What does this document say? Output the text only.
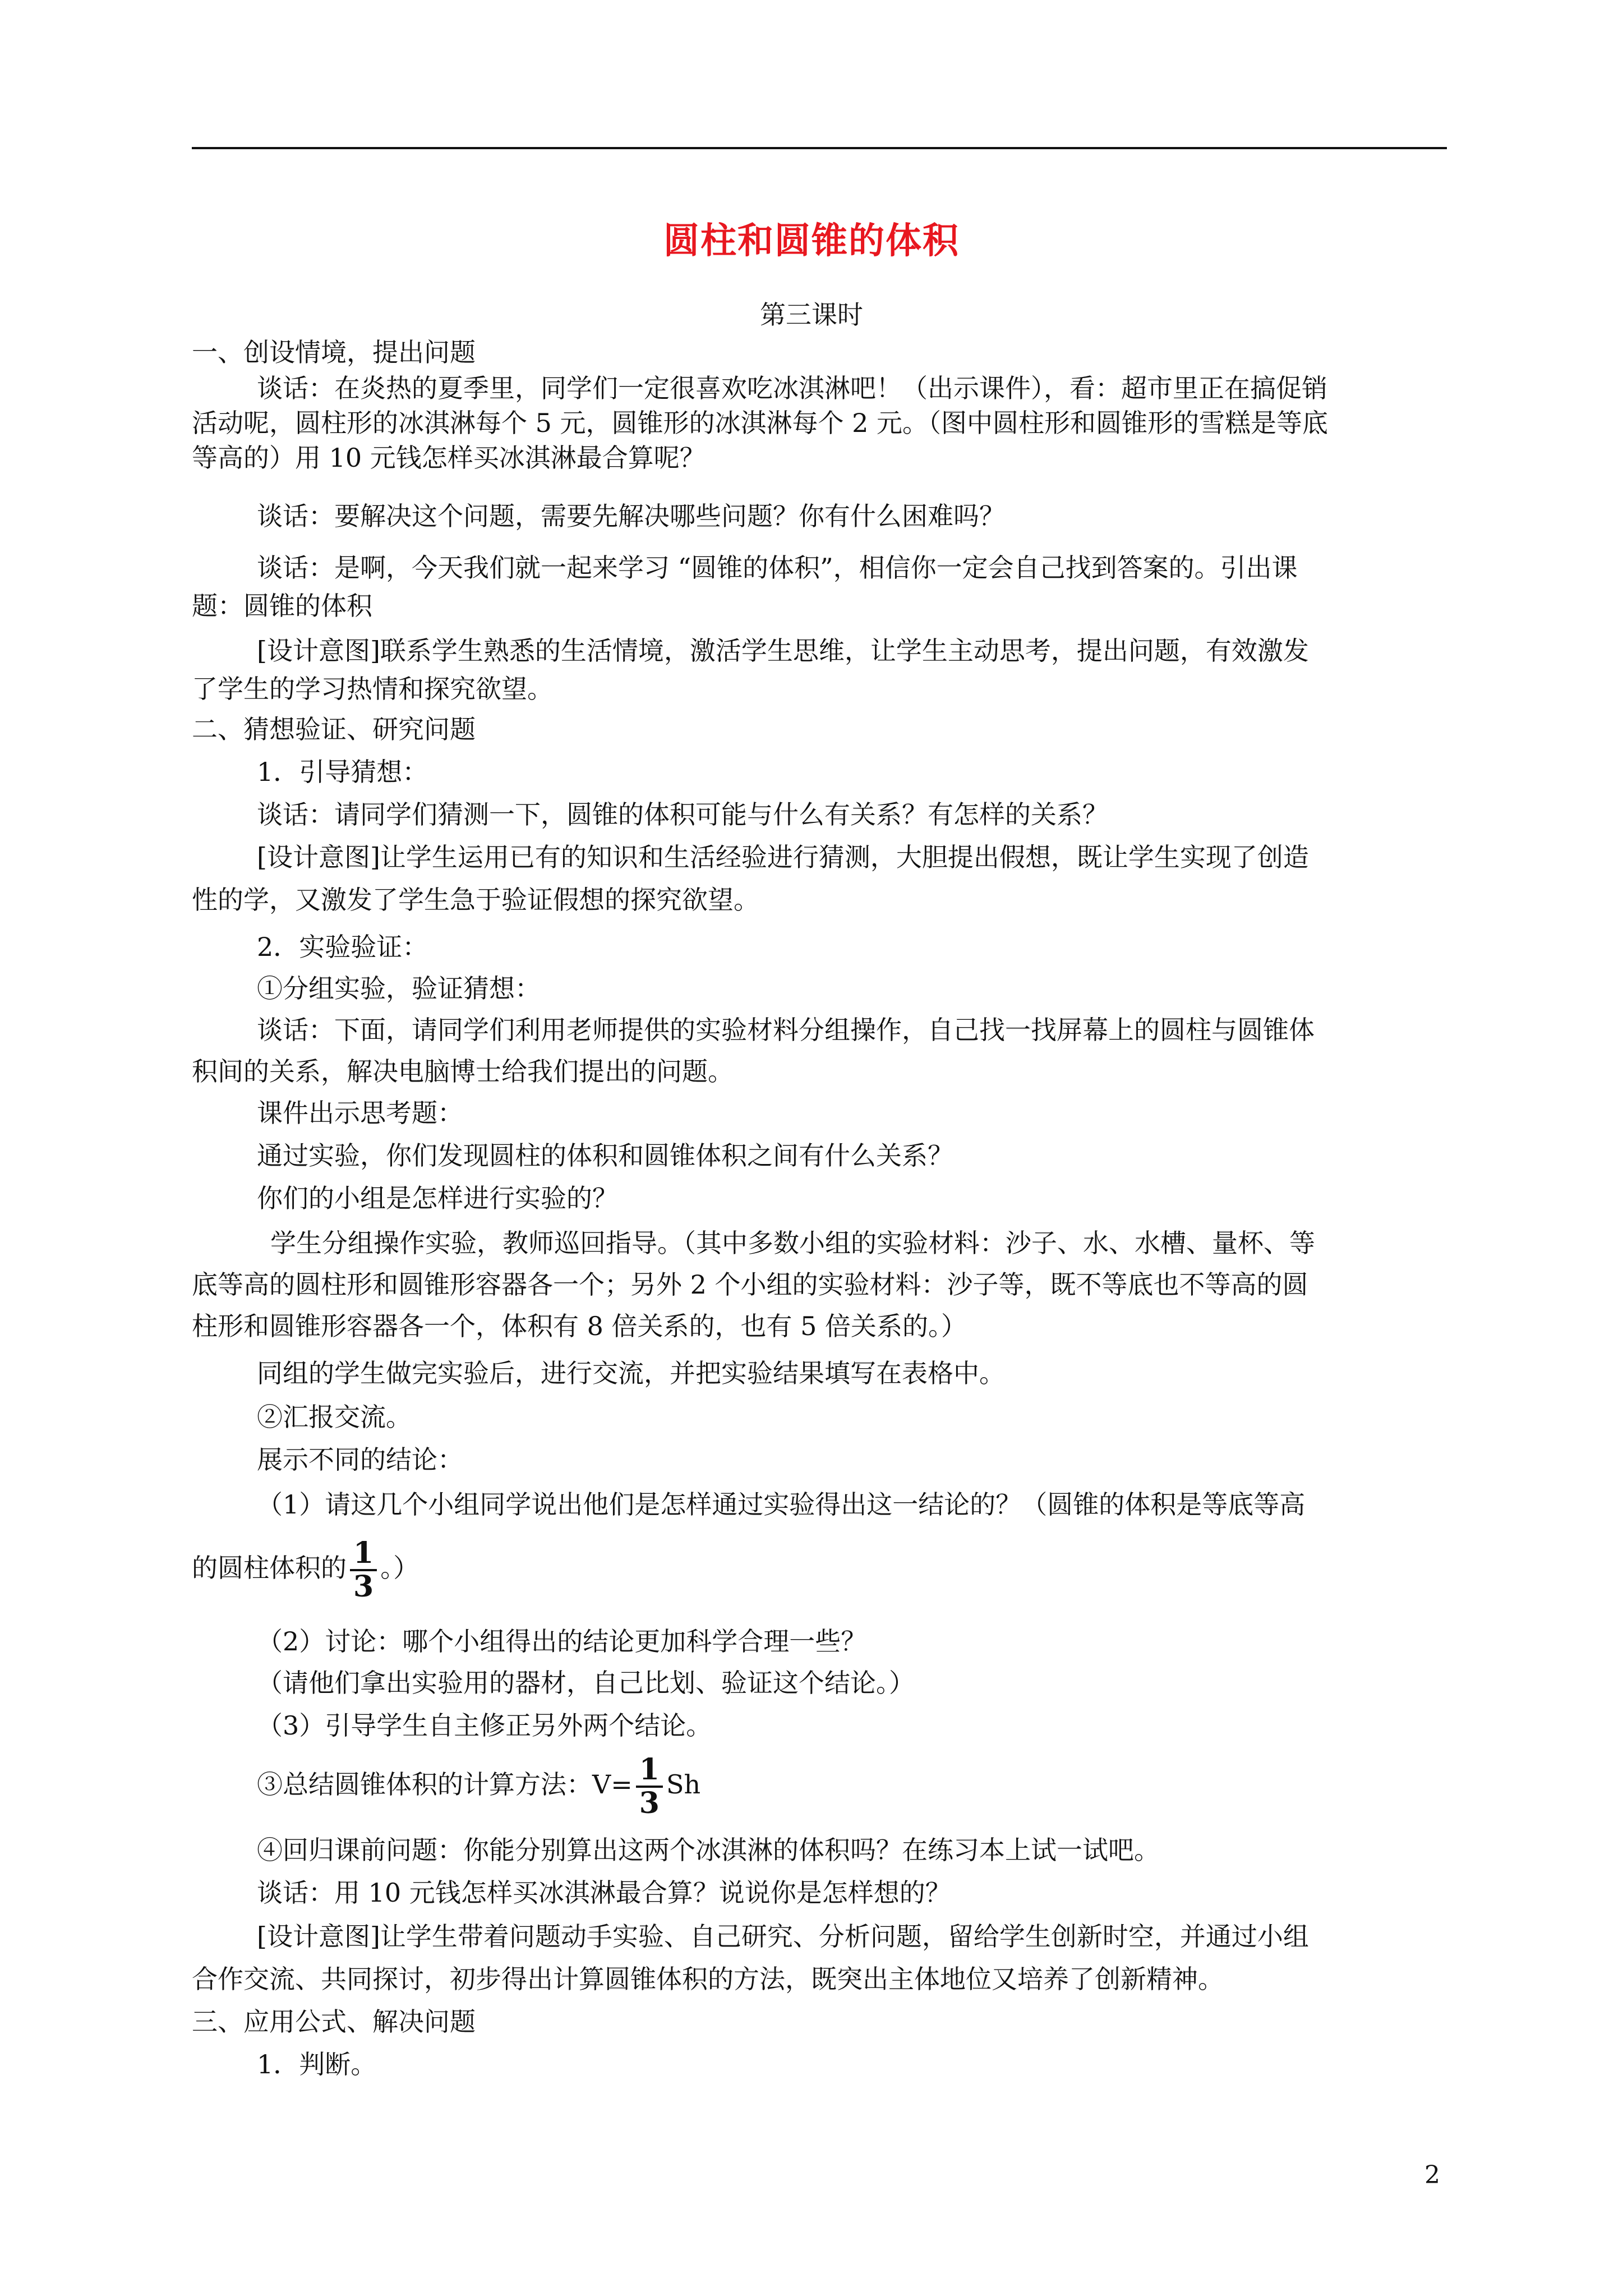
圆柱和圆锥的体积
第三课时
一、创设情境，提出问题
谈话：在炎热的夏季里，同学们一定很喜欢吃冰淇淋吧！（出示课件），看：超市里正在搞促销
活动呢，圆柱形的冰淇淋每个 5 元，圆锥形的冰淇淋每个 2 元。（图中圆柱形和圆锥形的雪糕是等底
等高的）用 10 元钱怎样买冰淇淋最合算呢？
谈话：要解决这个问题，需要先解决哪些问题？你有什么困难吗？
谈话：是啊，今天我们就一起来学习 “圆锥的体积”，相信你一定会自己找到答案的。引出课
题：圆锥的体积
[设计意图]联系学生熟悉的生活情境，激活学生思维，让学生主动思考，提出问题，有效激发
了学生的学习热情和探究欲望。
二、猜想验证、研究问题
1．引导猜想：
谈话：请同学们猜测一下，圆锥的体积可能与什么有关系？有怎样的关系？
[设计意图]让学生运用已有的知识和生活经验进行猜测，大胆提出假想，既让学生实现了创造
性的学，又激发了学生急于验证假想的探究欲望。
2．实验验证：
①分组实验，验证猜想：
谈话：下面，请同学们利用老师提供的实验材料分组操作，自己找一找屏幕上的圆柱与圆锥体
积间的关系，解决电脑博士给我们提出的问题。
课件出示思考题：
通过实验，你们发现圆柱的体积和圆锥体积之间有什么关系？
你们的小组是怎样进行实验的？
学生分组操作实验，教师巡回指导。（其中多数小组的实验材料：沙子、水、水槽、量杯、等
底等高的圆柱形和圆锥形容器各一个；另外 2 个小组的实验材料：沙子等，既不等底也不等高的圆
柱形和圆锥形容器各一个，体积有 8 倍关系的，也有 5 倍关系的。）
同组的学生做完实验后，进行交流，并把实验结果填写在表格中。
②汇报交流。
展示不同的结论：
（1）请这几个小组同学说出他们是怎样通过实验得出这一结论的？（圆锥的体积是等底等高
的圆柱体积的 $\frac{1}{3}$ 。）
（2）讨论：哪个小组得出的结论更加科学合理一些？
（请他们拿出实验用的器材，自己比划、验证这个结论。）
（3）引导学生自主修正另外两个结论。
③总结圆锥体积的计算方法：$V= \frac{1}{3}$ Sh
④回归课前问题：你能分别算出这两个冰淇淋的体积吗？在练习本上试一试吧。
谈话：用 10 元钱怎样买冰淇淋最合算？说说你是怎样想的？
[设计意图]让学生带着问题动手实验、自己研究、分析问题，留给学生创新时空，并通过小组
合作交流、共同探讨，初步得出计算圆锥体积的方法，既突出主体地位又培养了创新精神。
三、应用公式、解决问题
1．判断。
2
